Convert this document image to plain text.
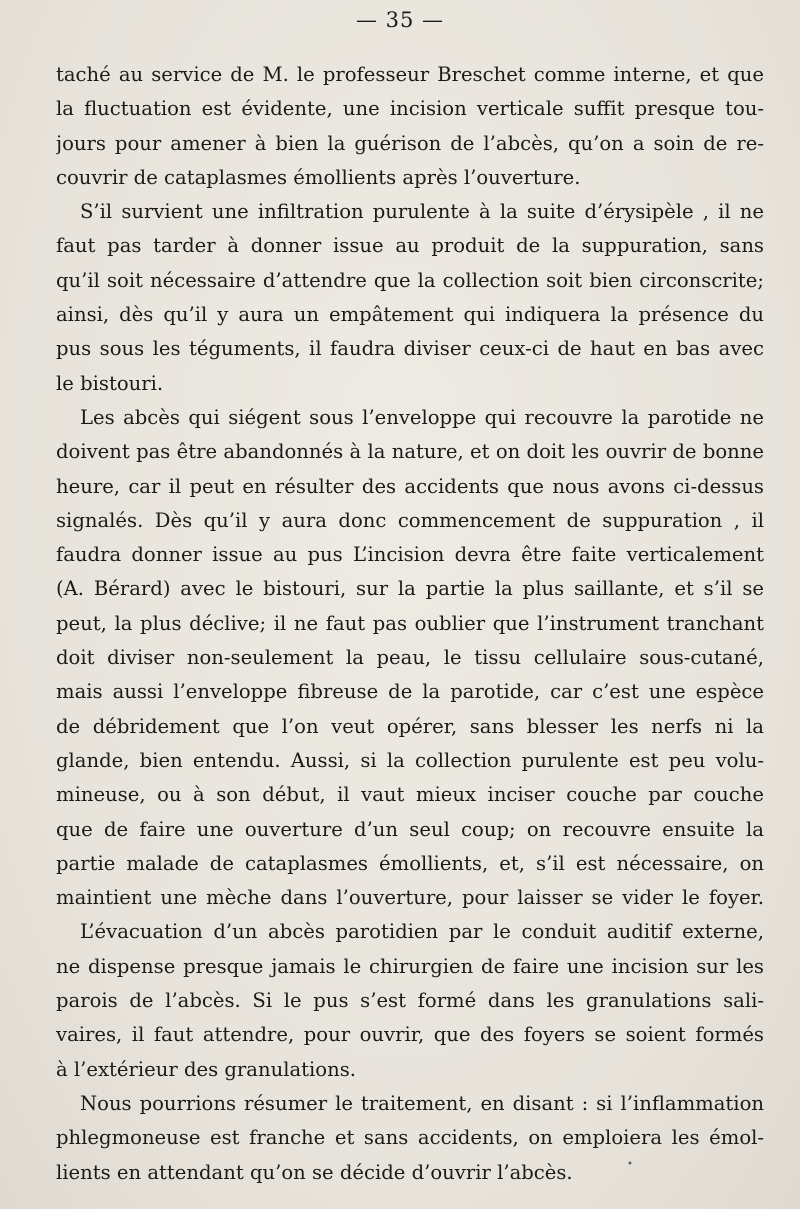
— 35 —
taché au service de M. le professeur Breschet comme interne, et que
la fluctuation est évidente, une incision verticale suffit presque tou-
jours pour amener à bien la guérison de l’abcès, qu’on a soin de re-
couvrir de cataplasmes émollients après l’ouverture.
S’il survient une infiltration purulente à la suite d’érysipèle , il ne
faut pas tarder à donner issue au produit de la suppuration, sans
qu’il soit nécessaire d’attendre que la collection soit bien circonscrite;
ainsi, dès qu’il y aura un empâtement qui indiquera la présence du
pus sous les téguments, il faudra diviser ceux-ci de haut en bas avec
le bistouri.
Les abcès qui siégent sous l’enveloppe qui recouvre la parotide ne
doivent pas être abandonnés à la nature, et on doit les ouvrir de bonne
heure, car il peut en résulter des accidents que nous avons ci-dessus
signalés. Dès qu’il y aura donc commencement de suppuration , il
faudra donner issue au pus L’incision devra être faite verticalement
(A. Bérard) avec le bistouri, sur la partie la plus saillante, et s’il se
peut, la plus déclive; il ne faut pas oublier que l’instrument tranchant
doit diviser non-seulement la peau, le tissu cellulaire sous-cutané,
mais aussi l’enveloppe fibreuse de la parotide, car c’est une espèce
de débridement que l’on veut opérer, sans blesser les nerfs ni la
glande, bien entendu. Aussi, si la collection purulente est peu volu-
mineuse, ou à son début, il vaut mieux inciser couche par couche
que de faire une ouverture d’un seul coup; on recouvre ensuite la
partie malade de cataplasmes émollients, et, s’il est nécessaire, on
maintient une mèche dans l’ouverture, pour laisser se vider le foyer.
L’évacuation d’un abcès parotidien par le conduit auditif externe,
ne dispense presque jamais le chirurgien de faire une incision sur les
parois de l’abcès. Si le pus s’est formé dans les granulations sali-
vaires, il faut attendre, pour ouvrir, que des foyers se soient formés
à l’extérieur des granulations.
Nous pourrions résumer le traitement, en disant : si l’inflammation
phlegmoneuse est franche et sans accidents, on emploiera les émol-
lients en attendant qu’on se décide d’ouvrir l’abcès.	•
